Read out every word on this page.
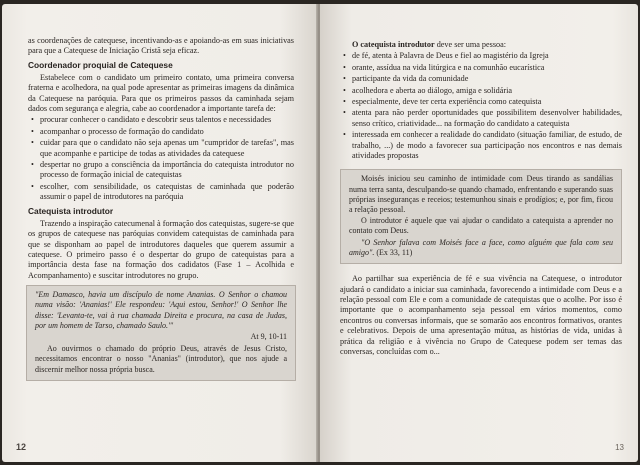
as coordenações de catequese, incentivando-as e apoiando-as em suas iniciativas para que a Catequese de Iniciação Cristã seja eficaz.

Coordenador proquial de Catequese

Estabelece com o candidato um primeiro contato, uma primeira conversa fraterna e acolhedora, na qual pode apresentar as primeiras imagens da dinâmica da Catequese na paróquia. Para que os primeiros passos da caminhada sejam dados com segurança e alegria, cabe ao coordenador a importante tarefa de:

• procurar conhecer o candidato e descobrir seus talentos e necessidades
• acompanhar o processo de formação do candidato
• cuidar para que o candidato não seja apenas um "cumpridor de tarefas", mas que acompanhe e participe de todas as atividades da catequese
• despertar no grupo a consciência da importância do catequista introdutor no processo de formação inicial de catequistas
• escolher, com sensibilidade, os catequistas de caminhada que poderão assumir o papel de introdutores na paróquia
Catequista introdutor

Trazendo a inspiração catecumenal à formação dos catequistas, sugere-se que os grupos de catequese nas paróquias convidem catequistas de caminhada para que se disponham ao papel de introdutores daqueles que querem assumir a catequese. O primeiro passo é o despertar do grupo de catequistas para a importância desta fase na formação dos cadidatos (Fase 1 – Acolhida e Acompanhamento) e suscitar introdutores no grupo.

"Em Damasco, havia um discípulo de nome Ananias. O Senhor o chamou numa visão: 'Ananias!' Ele respondeu: 'Aqui estou, Senhor!' O Senhor lhe disse: 'Levanta-te, vai à rua chamada Direita e procura, na casa de Judas, por um homem de Tarso, chamado Saulo.'"

At 9, 10-11

Ao ouvirmos o chamado do próprio Deus, através de Jesus Cristo, necessitamos encontrar o nosso "Ananias" (introdutor), que nos ajude a discernir melhor nossa própria busca.

12

O catequista introdutor deve ser uma pessoa:

• de fé, atenta à Palavra de Deus e fiel ao magistério da Igreja
• orante, assídua na vida litúrgica e na comunhão eucarística
• participante da vida da comunidade
• acolhedora e aberta ao diálogo, amiga e solidária
• especialmente, deve ter certa experiência como catequista
• atenta para não perder oportunidades que possibilitem desenvolver habilidades, senso crítico, criatividade... na formação do candidato a catequista
• interessada em conhecer a realidade do candidato (situação familiar, de estudo, de trabalho, ...) de modo a favorecer sua participação nos encontros e nas demais atividades propostas

Moisés iniciou seu caminho de intimidade com Deus tirando as sandálias numa terra santa, desculpando-se quando chamado, enfrentando e superando suas próprias inseguranças e receios; testemunhou sinais e prodígios; e, por fim, ficou a relação pessoal.

O introdutor é aquele que vai ajudar o candidato a catequista a aprender no contato com Deus.

"O Senhor falava com Moisés face a face, como alguém que fala com seu amigo". (Ex 33, 11)

Ao partilhar sua experiência de fé e sua vivência na Catequese, o introdutor ajudará o candidato a iniciar sua caminhada, favorecendo a intimidade com Deus e a relação pessoal com Ele e com a comunidade de catequistas que o acolhe. Por isso é importante que o acompanhamento seja pessoal em vários momentos, como encontros ou conversas informais, que se somarão aos encontros formativos, orantes e celebrativos. Depois de uma apresentação mútua, as histórias de vida, unidas à prática da religião e à vivência no Grupo de Catequese podem ser temas das conversas, concluídas com o...

13
